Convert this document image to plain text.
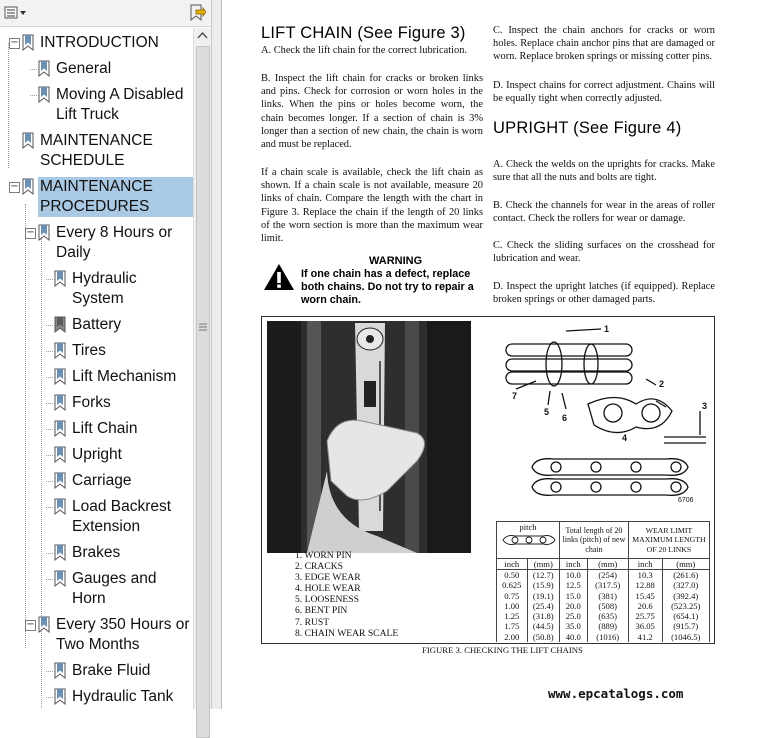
− INTRODUCTION
General
Moving A Disabled Lift Truck
MAINTENANCE SCHEDULE
− MAINTENANCE PROCEDURES
− Every 8 Hours or Daily
Hydraulic System
Battery
Tires
Lift Mechanism
Forks
Lift Chain
Upright
Carriage
Load Backrest Extension
Brakes
Gauges and Horn
− Every 350 Hours or Two Months
Brake Fluid
Hydraulic Tank
LIFT CHAIN (See Figure 3)
A. Check the lift chain for the correct lubrication.
B. Inspect the lift chain for cracks or broken links and pins. Check for corrosion or worn holes in the links. When the pins or holes become worn, the chain becomes longer. If a section of chain is 3% longer than a section of new chain, the chain is worn and must be replaced.
If a chain scale is available, check the lift chain as shown. If a chain scale is not available, measure 20 links of chain. Compare the length with the chart in Figure 3. Replace the chain if the length of 20 links of the worn section is more than the maximum wear limit.
WARNING
If one chain has a defect, replace both chains. Do not try to repair a worn chain.
C. Inspect the chain anchors for cracks or worn holes. Replace chain anchor pins that are damaged or worn. Replace broken springs or missing cotter pins.
D. Inspect chains for correct adjustment. Chains will be equally tight when correctly adjusted.
UPRIGHT (See Figure 4)
A. Check the welds on the uprights for cracks. Make sure that all the nuts and bolts are tight.
B. Check the channels for wear in the areas of roller contact. Check the rollers for wear or damage.
C. Check the sliding surfaces on the crosshead for lubrication and wear.
D. Inspect the upright latches (if equipped). Replace broken springs or other damaged parts.
1
2
3
4
5
6
7
6706
1. WORN PIN
2. CRACKS
3. EDGE WEAR
4. HOLE WEAR
5. LOOSENESS
6. BENT PIN
7. RUST
8. CHAIN WEAR SCALE
pitch		Total length of 20 links (pitch) of new chain		WEAR LIMIT MAXIMUM LENGTH OF 20 LINKS	
inch	(mm)	inch	(mm)	inch	(mm)
0.50	(12.7)	10.0	(254)	10.3	(261.6)
0.625	(15.9)	12.5	(317.5)	12.88	(327.0)
0.75	(19.1)	15.0	(381)	15.45	(392.4)
1.00	(25.4)	20.0	(508)	20.6	(523.25)
1.25	(31.8)	25.0	(635)	25.75	(654.1)
1.75	(44.5)	35.0	(889)	36.05	(915.7)
2.00	(50.8)	40.0	(1016)	41.2	(1046.5)
FIGURE 3. CHECKING THE LIFT CHAINS
www.epcatalogs.com
